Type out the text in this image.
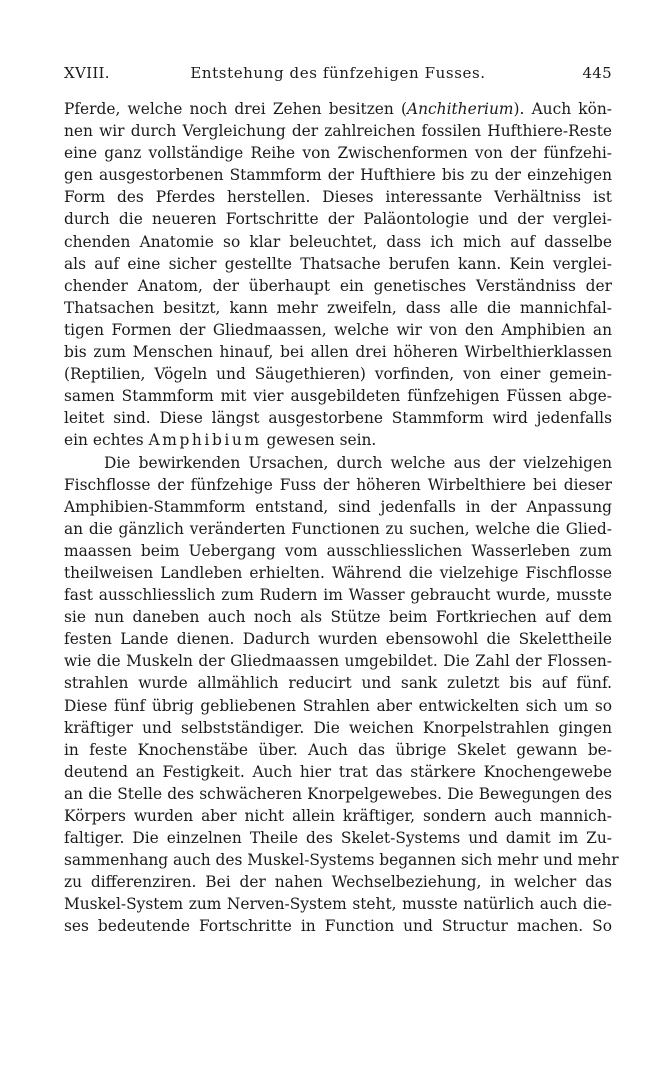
XVIII.	Entstehung des fünfzehigen Fusses.	445
Pferde, welche noch drei Zehen besitzen (Anchitherium). Auch kön-
nen wir durch Vergleichung der zahlreichen fossilen Hufthiere-Reste
eine ganz vollständige Reihe von Zwischenformen von der fünfzehi-
gen ausgestorbenen Stammform der Hufthiere bis zu der einzehigen
Form des Pferdes herstellen. Dieses interessante Verhältniss ist
durch die neueren Fortschritte der Paläontologie und der verglei-
chenden Anatomie so klar beleuchtet, dass ich mich auf dasselbe
als auf eine sicher gestellte Thatsache berufen kann. Kein verglei-
chender Anatom, der überhaupt ein genetisches Verständniss der
Thatsachen besitzt, kann mehr zweifeln, dass alle die mannichfal-
tigen Formen der Gliedmaassen, welche wir von den Amphibien an
bis zum Menschen hinauf, bei allen drei höheren Wirbelthierklassen
(Reptilien, Vögeln und Säugethieren) vorfinden, von einer gemein-
samen Stammform mit vier ausgebildeten fünfzehigen Füssen abge-
leitet sind. Diese längst ausgestorbene Stammform wird jedenfalls
ein echtes Amphibium gewesen sein.
Die bewirkenden Ursachen, durch welche aus der vielzehigen
Fischflosse der fünfzehige Fuss der höheren Wirbelthiere bei dieser
Amphibien-Stammform entstand, sind jedenfalls in der Anpassung
an die gänzlich veränderten Functionen zu suchen, welche die Glied-
maassen beim Uebergang vom ausschliesslichen Wasserleben zum
theilweisen Landleben erhielten. Während die vielzehige Fischflosse
fast ausschliesslich zum Rudern im Wasser gebraucht wurde, musste
sie nun daneben auch noch als Stütze beim Fortkriechen auf dem
festen Lande dienen. Dadurch wurden ebensowohl die Skelettheile
wie die Muskeln der Gliedmaassen umgebildet. Die Zahl der Flossen-
strahlen wurde allmählich reducirt und sank zuletzt bis auf fünf.
Diese fünf übrig gebliebenen Strahlen aber entwickelten sich um so
kräftiger und selbstständiger. Die weichen Knorpelstrahlen gingen
in feste Knochenstäbe über. Auch das übrige Skelet gewann be-
deutend an Festigkeit. Auch hier trat das stärkere Knochengewebe
an die Stelle des schwächeren Knorpelgewebes. Die Bewegungen des
Körpers wurden aber nicht allein kräftiger, sondern auch mannich-
faltiger. Die einzelnen Theile des Skelet-Systems und damit im Zu-
sammenhang auch des Muskel-Systems begannen sich mehr und mehr
zu differenziren. Bei der nahen Wechselbeziehung, in welcher das
Muskel-System zum Nerven-System steht, musste natürlich auch die-
ses bedeutende Fortschritte in Function und Structur machen. So
